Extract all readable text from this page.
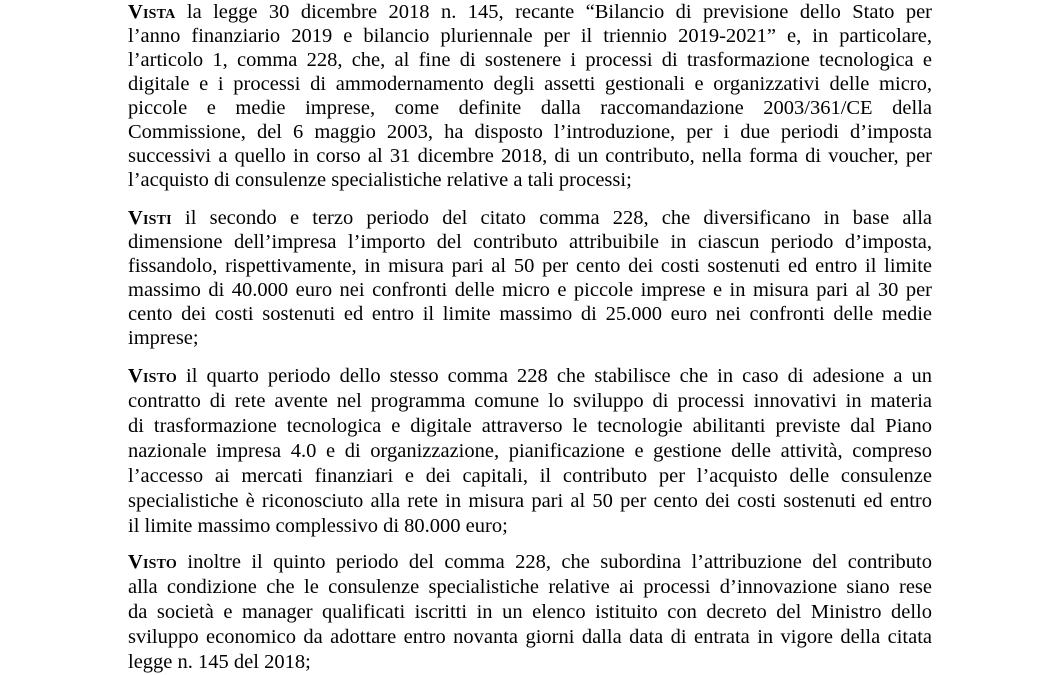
Vista la legge 30 dicembre 2018 n. 145, recante “Bilancio di previsione dello Stato per
l’anno finanziario 2019 e bilancio pluriennale per il triennio 2019-2021” e, in particolare,
l’articolo 1, comma 228, che, al fine di sostenere i processi di trasformazione tecnologica e
digitale e i processi di ammodernamento degli assetti gestionali e organizzativi delle micro,
piccole e medie imprese, come definite dalla raccomandazione 2003/361/CE della
Commissione, del 6 maggio 2003, ha disposto l’introduzione, per i due periodi d’imposta
successivi a quello in corso al 31 dicembre 2018, di un contributo, nella forma di voucher, per
l’acquisto di consulenze specialistiche relative a tali processi;
Visti il secondo e terzo periodo del citato comma 228, che diversificano in base alla
dimensione dell’impresa l’importo del contributo attribuibile in ciascun periodo d’imposta,
fissandolo, rispettivamente, in misura pari al 50 per cento dei costi sostenuti ed entro il limite
massimo di 40.000 euro nei confronti delle micro e piccole imprese e in misura pari al 30 per
cento dei costi sostenuti ed entro il limite massimo di 25.000 euro nei confronti delle medie
imprese;
Visto il quarto periodo dello stesso comma 228 che stabilisce che in caso di adesione a un
contratto di rete avente nel programma comune lo sviluppo di processi innovativi in materia
di trasformazione tecnologica e digitale attraverso le tecnologie abilitanti previste dal Piano
nazionale impresa 4.0 e di organizzazione, pianificazione e gestione delle attività, compreso
l’accesso ai mercati finanziari e dei capitali, il contributo per l’acquisto delle consulenze
specialistiche è riconosciuto alla rete in misura pari al 50 per cento dei costi sostenuti ed entro
il limite massimo complessivo di 80.000 euro;
Visto inoltre il quinto periodo del comma 228, che subordina l’attribuzione del contributo
alla condizione che le consulenze specialistiche relative ai processi d’innovazione siano rese
da società e manager qualificati iscritti in un elenco istituito con decreto del Ministro dello
sviluppo economico da adottare entro novanta giorni dalla data di entrata in vigore della citata
legge n. 145 del 2018;
